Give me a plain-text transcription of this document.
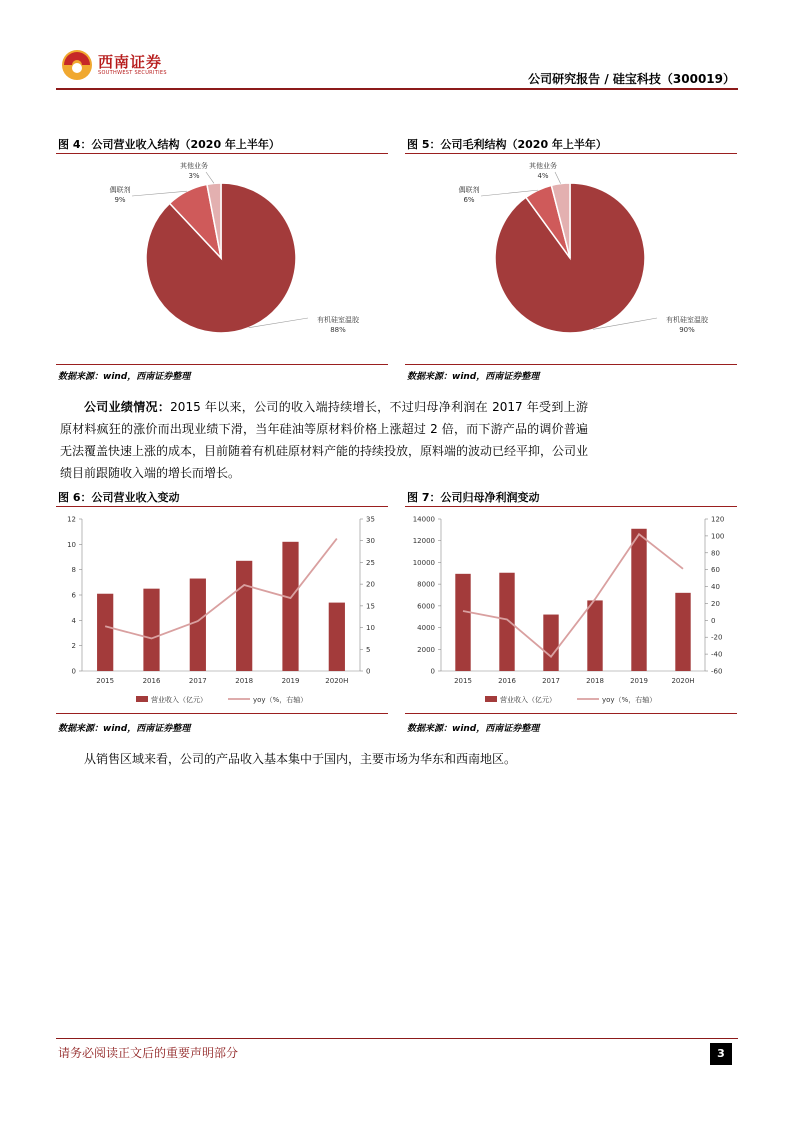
西南证券
SOUTHWEST SECURITIES	公司研究报告 / 硅宝科技（300019）
图 4：公司营业收入结构（2020 年上半年）
有机硅室温胶
88%
偶联剂
9%
其他业务
3%
数据来源：wind，西南证券整理
图 5：公司毛利结构（2020 年上半年）
有机硅室温胶
90%
偶联剂
6%
其他业务
4%
数据来源：wind，西南证券整理
公司业绩情况：2015 年以来，公司的收入端持续增长，不过归母净利润在 2017 年受到上游原材料疯狂的涨价而出现业绩下滑，当年硅油等原材料价格上涨超过 2 倍，而下游产品的调价普遍无法覆盖快速上涨的成本，目前随着有机硅原材料产能的持续投放，原料端的波动已经平抑，公司业绩目前跟随收入端的增长而增长。
图 6：公司营业收入变动
0
2
4
6
8
10
12
0
5
10
15
20
25
30
35
2015	2016	2017	2018	2019	2020H
营业收入（亿元）	yoy（%，右轴）
数据来源：wind，西南证券整理
图 7：公司归母净利润变动
0
2000
4000
6000
8000
10000
12000
14000
-60
-40
-20
0
20
40
60
80
100
120
2015	2016	2017	2018	2019	2020H
营业收入（亿元）	yoy（%，右轴）
数据来源：wind，西南证券整理
从销售区域来看，公司的产品收入基本集中于国内，主要市场为华东和西南地区。
请务必阅读正文后的重要声明部分	3
